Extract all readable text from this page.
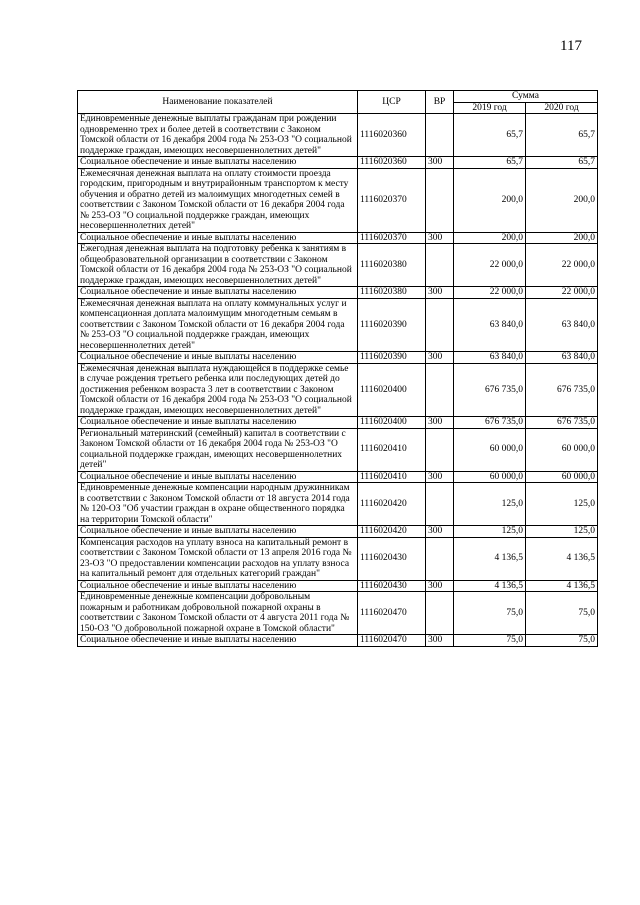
117
Наименование показателей	ЦСР	ВР	Сумма	
			2019 год	2020 год
Единовременные денежные выплаты гражданам при рождении одновременно трех и более детей в соответствии с Законом Томской области от 16 декабря 2004 года № 253-ОЗ "О социальной поддержке граждан, имеющих несовершеннолетних детей"	1116020360		65,7	65,7
Социальное обеспечение и иные выплаты населению	1116020360	300	65,7	65,7
Ежемесячная денежная выплата на оплату стоимости проезда городским, пригородным и внутрирайонным транспортом к месту обучения и обратно детей из малоимущих многодетных семей в соответствии с Законом Томской области от 16 декабря 2004 года № 253-ОЗ "О социальной поддержке граждан, имеющих несовершеннолетних детей"	1116020370		200,0	200,0
Социальное обеспечение и иные выплаты населению	1116020370	300	200,0	200,0
Ежегодная денежная выплата на подготовку ребенка к занятиям в общеобразовательной организации в соответствии с Законом Томской области от 16 декабря 2004 года № 253-ОЗ "О социальной поддержке граждан, имеющих несовершеннолетних детей"	1116020380		22 000,0	22 000,0
Социальное обеспечение и иные выплаты населению	1116020380	300	22 000,0	22 000,0
Ежемесячная денежная выплата на оплату коммунальных услуг и компенсационная доплата малоимущим многодетным семьям в соответствии с Законом Томской области от 16 декабря 2004 года № 253-ОЗ "О социальной поддержке граждан, имеющих несовершеннолетних детей"	1116020390		63 840,0	63 840,0
Социальное обеспечение и иные выплаты населению	1116020390	300	63 840,0	63 840,0
Ежемесячная денежная выплата нуждающейся в поддержке семье в случае рождения третьего ребенка или последующих детей до достижения ребенком возраста 3 лет в соответствии с Законом Томской области от 16 декабря 2004 года № 253-ОЗ "О социальной поддержке граждан, имеющих несовершеннолетних детей"	1116020400		676 735,0	676 735,0
Социальное обеспечение и иные выплаты населению	1116020400	300	676 735,0	676 735,0
Региональный материнский (семейный) капитал в соответствии с Законом Томской области от 16 декабря 2004 года № 253-ОЗ "О социальной поддержке граждан, имеющих несовершеннолетних детей"	1116020410		60 000,0	60 000,0
Социальное обеспечение и иные выплаты населению	1116020410	300	60 000,0	60 000,0
Единовременные денежные компенсации народным дружинникам в соответствии с Законом Томской области от 18 августа 2014 года № 120-ОЗ "Об участии граждан в охране общественного порядка на территории Томской области"	1116020420		125,0	125,0
Социальное обеспечение и иные выплаты населению	1116020420	300	125,0	125,0
Компенсация расходов на уплату взноса на капитальный ремонт в соответствии с Законом Томской области от 13 апреля 2016 года № 23-ОЗ "О предоставлении компенсации расходов на уплату взноса на капитальный ремонт для отдельных категорий граждан"	1116020430		4 136,5	4 136,5
Социальное обеспечение и иные выплаты населению	1116020430	300	4 136,5	4 136,5
Единовременные денежные компенсации добровольным пожарным и работникам добровольной пожарной охраны в соответствии с Законом Томской области от 4 августа 2011 года № 150-ОЗ "О добровольной пожарной охране в Томской области"	1116020470		75,0	75,0
Социальное обеспечение и иные выплаты населению	1116020470	300	75,0	75,0
